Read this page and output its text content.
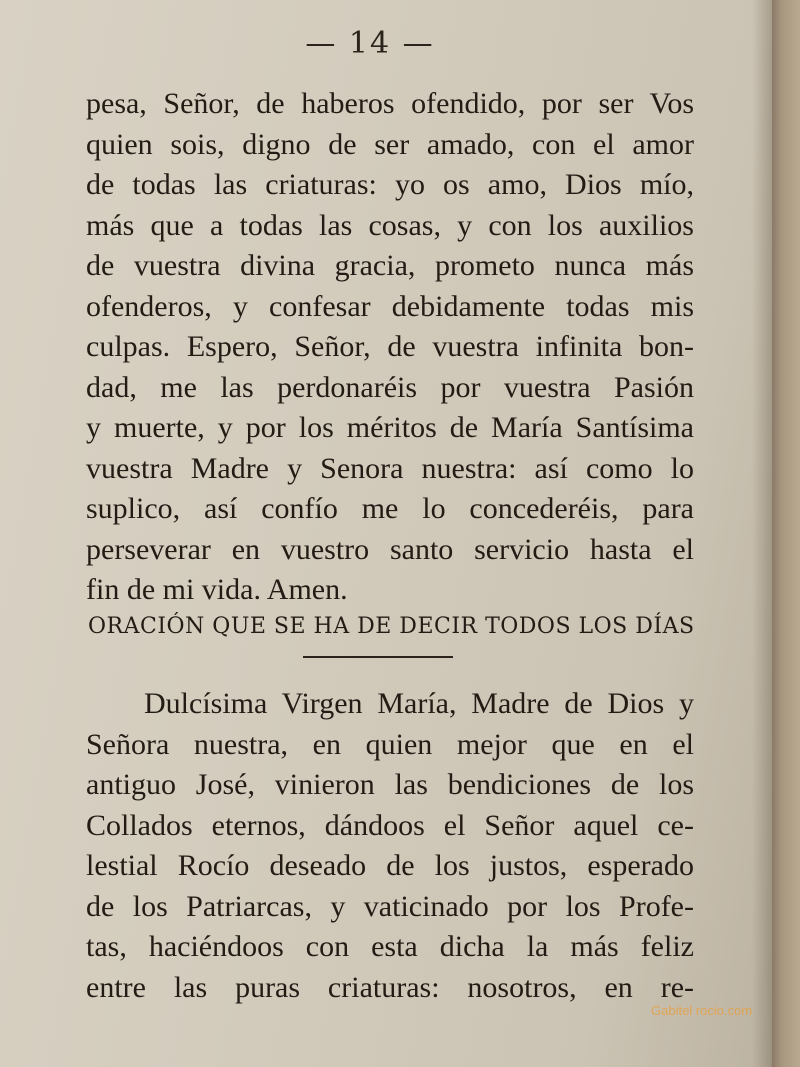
— 14 —
pesa, Señor, de haberos ofendido, por ser Vos
quien sois, digno de ser amado, con el amor
de todas las criaturas: yo os amo, Dios mío,
más que a todas las cosas, y con los auxilios
de vuestra divina gracia, prometo nunca más
ofenderos, y confesar debidamente todas mis
culpas. Espero, Señor, de vuestra infinita bon-
dad, me las perdonaréis por vuestra Pasión
y muerte, y por los méritos de María Santísima
vuestra Madre y Senora nuestra: así como lo
suplico, así confío me lo concederéis, para
perseverar en vuestro santo servicio hasta el
fin de mi vida. Amen.
ORACIÓN QUE SE HA DE DECIR TODOS LOS DÍAS
Dulcísima Virgen María, Madre de Dios y
Señora nuestra, en quien mejor que en el
antiguo José, vinieron las bendiciones de los
Collados eternos, dándoos el Señor aquel ce-
lestial Rocío deseado de los justos, esperado
de los Patriarcas, y vaticinado por los Profe-
tas, haciéndoos con esta dicha la más feliz
entre las puras criaturas: nosotros, en re-
Gabitel rocio.com
